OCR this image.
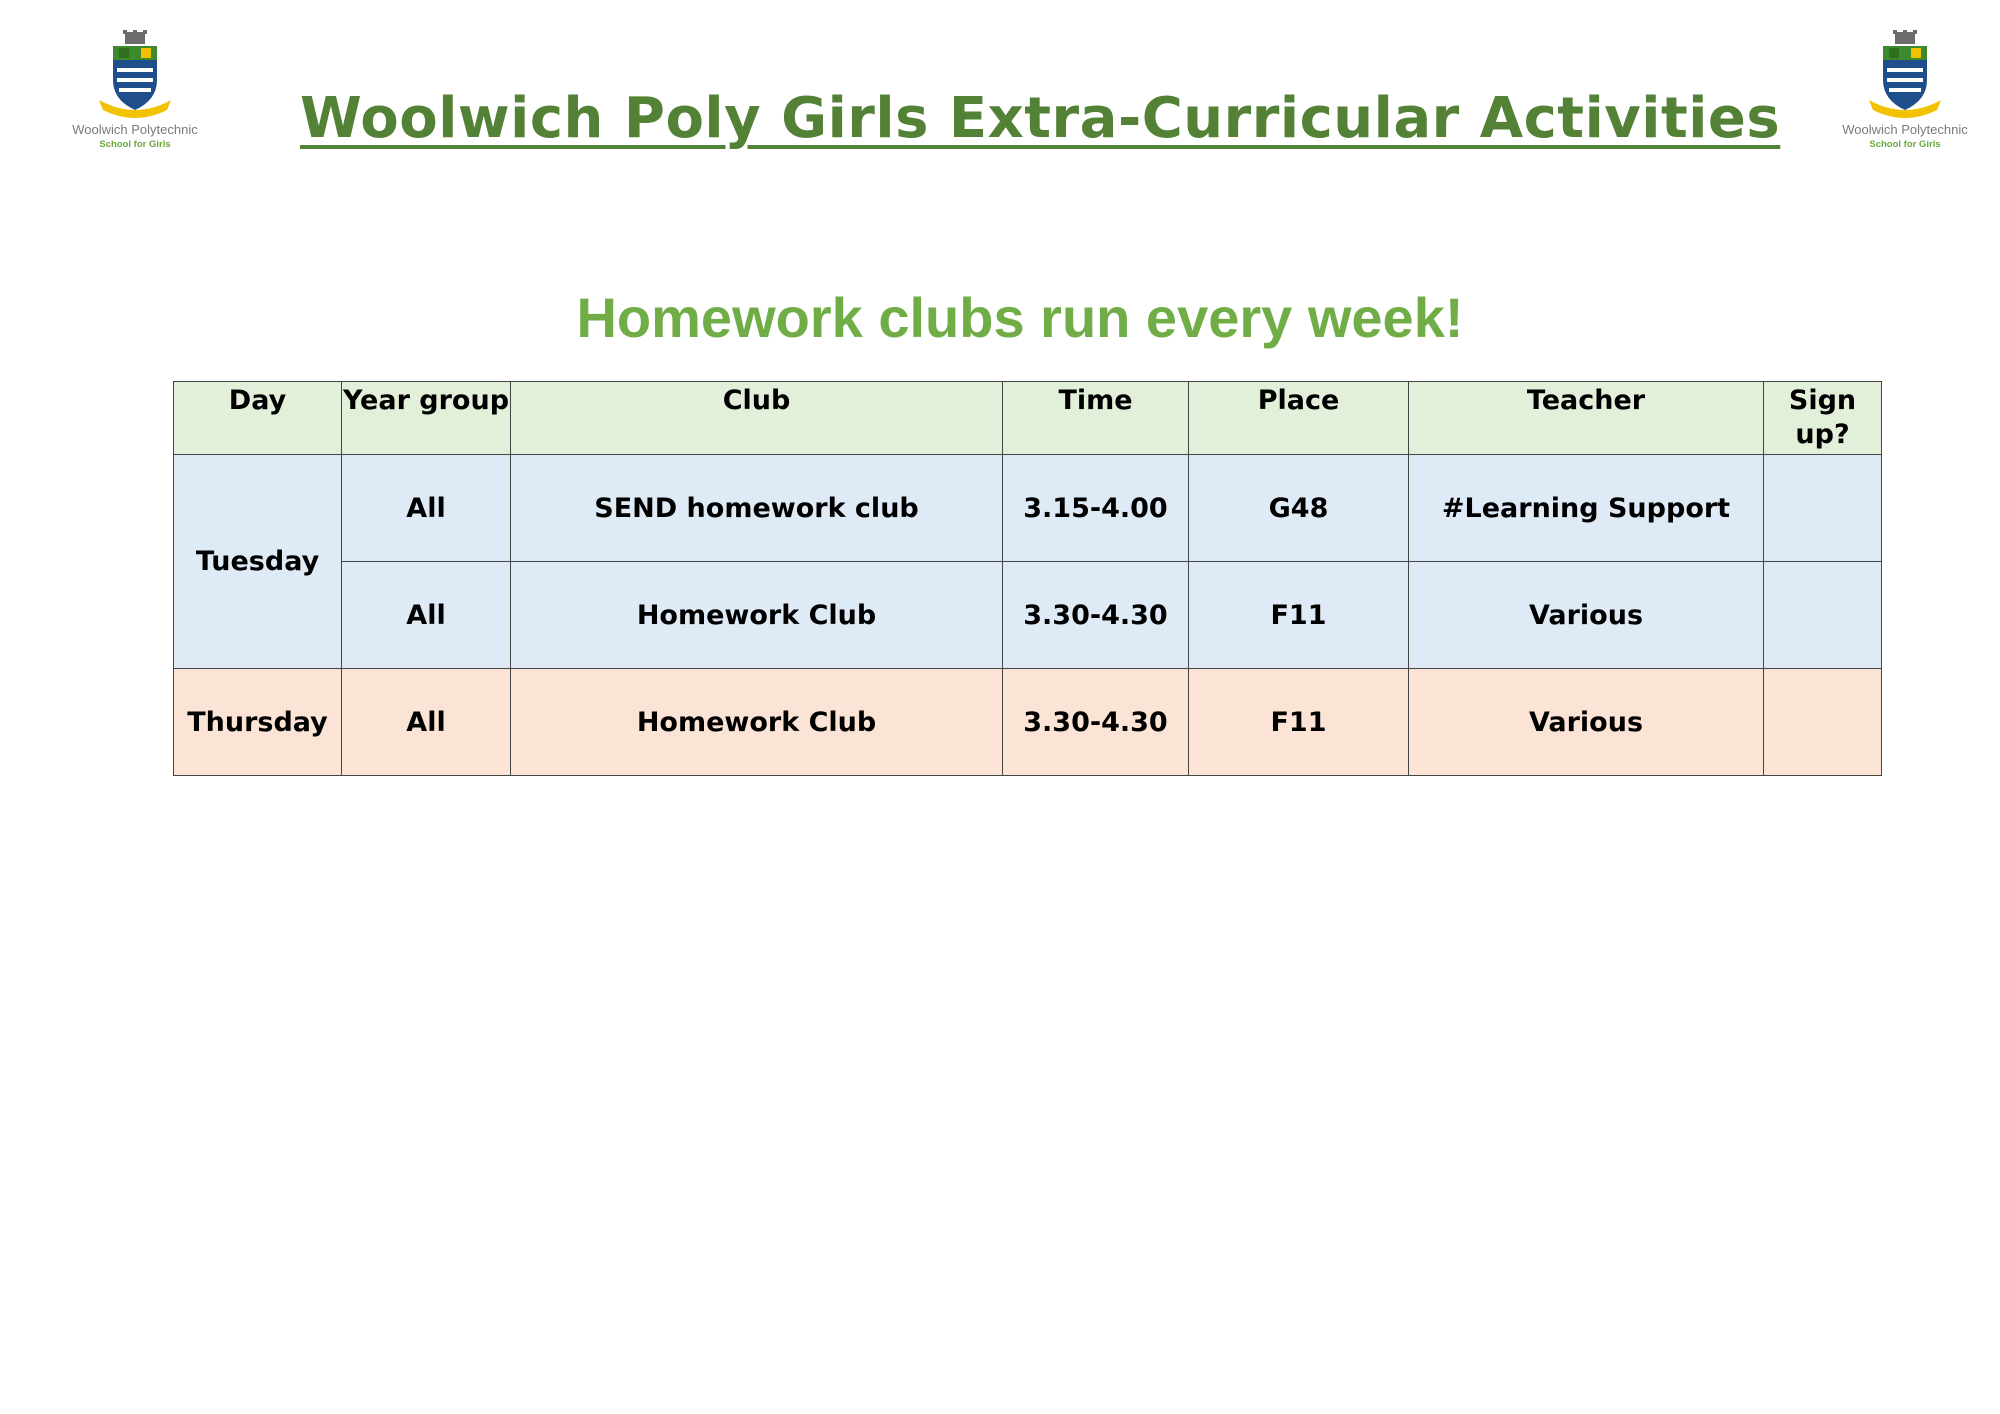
Woolwich Polytechnic
School for Girls
Woolwich Polytechnic
School for Girls
Woolwich Poly Girls Extra-Curricular Activities
Homework clubs run every week!
Day	Year group	Club	Time	Place	Teacher	Sign up?
Tuesday	All	SEND homework club	3.15-4.00	G48	#Learning Support	
	All	Homework Club	3.30-4.30	F11	Various	
Thursday	All	Homework Club	3.30-4.30	F11	Various	
